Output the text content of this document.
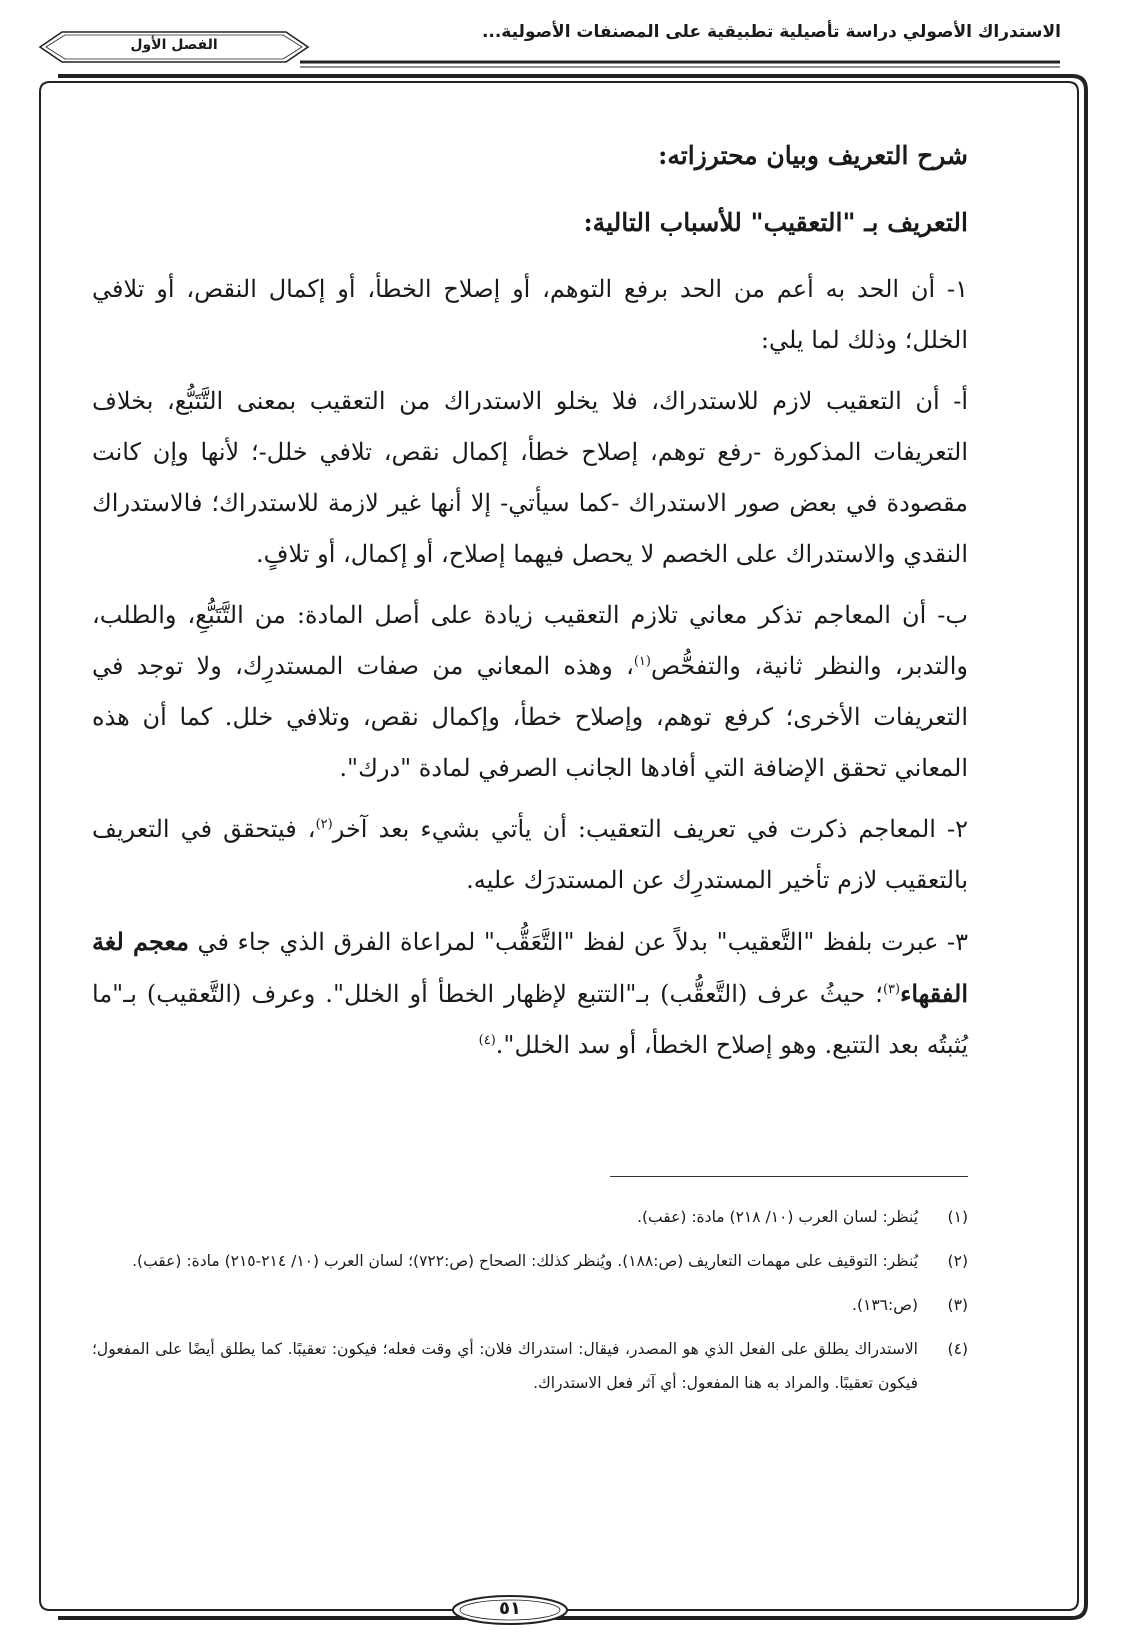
الاستدراك الأصولي دراسة تأصيلية تطبيقية على المصنفات الأصولية...
الفصل الأول

شرح التعريف وبيان محترزاته:

التعريف بـ "التعقيب" للأسباب التالية:

١- أن الحد به أعم من الحد برفع التوهم، أو إصلاح الخطأ، أو إكمال النقص، أو تلافي الخلل؛ وذلك لما يلي:

أ- أن التعقيب لازم للاستدراك، فلا يخلو الاستدراك من التعقيب بمعنى التَّتَبُّع، بخلاف التعريفات المذكورة -رفع توهم، إصلاح خطأ، إكمال نقص، تلافي خلل-؛ لأنها وإن كانت مقصودة في بعض صور الاستدراك -كما سيأتي- إلا أنها غير لازمة للاستدراك؛ فالاستدراك النقدي والاستدراك على الخصم لا يحصل فيهما إصلاح، أو إكمال، أو تلافٍ.

ب- أن المعاجم تذكر معاني تلازم التعقيب زيادة على أصل المادة: من التَّتَبُّعِ، والطلب، والتدبر، والنظر ثانية، والتفحُّص$^{(١)}$، وهذه المعاني من صفات المستدرِك، ولا توجد في التعريفات الأخرى؛ كرفع توهم، وإصلاح خطأ، وإكمال نقص، وتلافي خلل. كما أن هذه المعاني تحقق الإضافة التي أفادها الجانب الصرفي لمادة "درك".

٢- المعاجم ذكرت في تعريف التعقيب: أن يأتي بشيء بعد آخر$^{(٢)}$، فيتحقق في التعريف بالتعقيب لازم تأخير المستدرِك عن المستدرَك عليه.

٣- عبرت بلفظ "التَّعقيب" بدلاً عن لفظ "التَّعَقُّب" لمراعاة الفرق الذي جاء في معجم لغة الفقهاء$^{(٣)}$؛ حيثُ عرف (التَّعقُّب) بـ"التتبع لإظهار الخطأ أو الخلل". وعرف (التَّعقيب) بـ"ما يُثبتُه بعد التتبع. وهو إصلاح الخطأ، أو سد الخلل".$^{(٤)}$

(١)
يُنظر: لسان العرب (١٠/ ٢١٨) مادة: (عقب).
(٢)
يُنظر: التوقيف على مهمات التعاريف (ص:١٨٨). ويُنظر كذلك: الصحاح (ص:٧٢٢)؛ لسان العرب (١٠/ ٢١٤-٢١٥) مادة: (عقب).
(٣)
(ص:١٣٦).
(٤)
الاستدراك يطلق على الفعل الذي هو المصدر، فيقال: استدراك فلان: أي وقت فعله؛ فيكون: تعقيبًا. كما يطلق أيضًا على المفعول؛ فيكون تعقيبًا. والمراد به هنا المفعول: أي آثر فعل الاستدراك.
٥١
